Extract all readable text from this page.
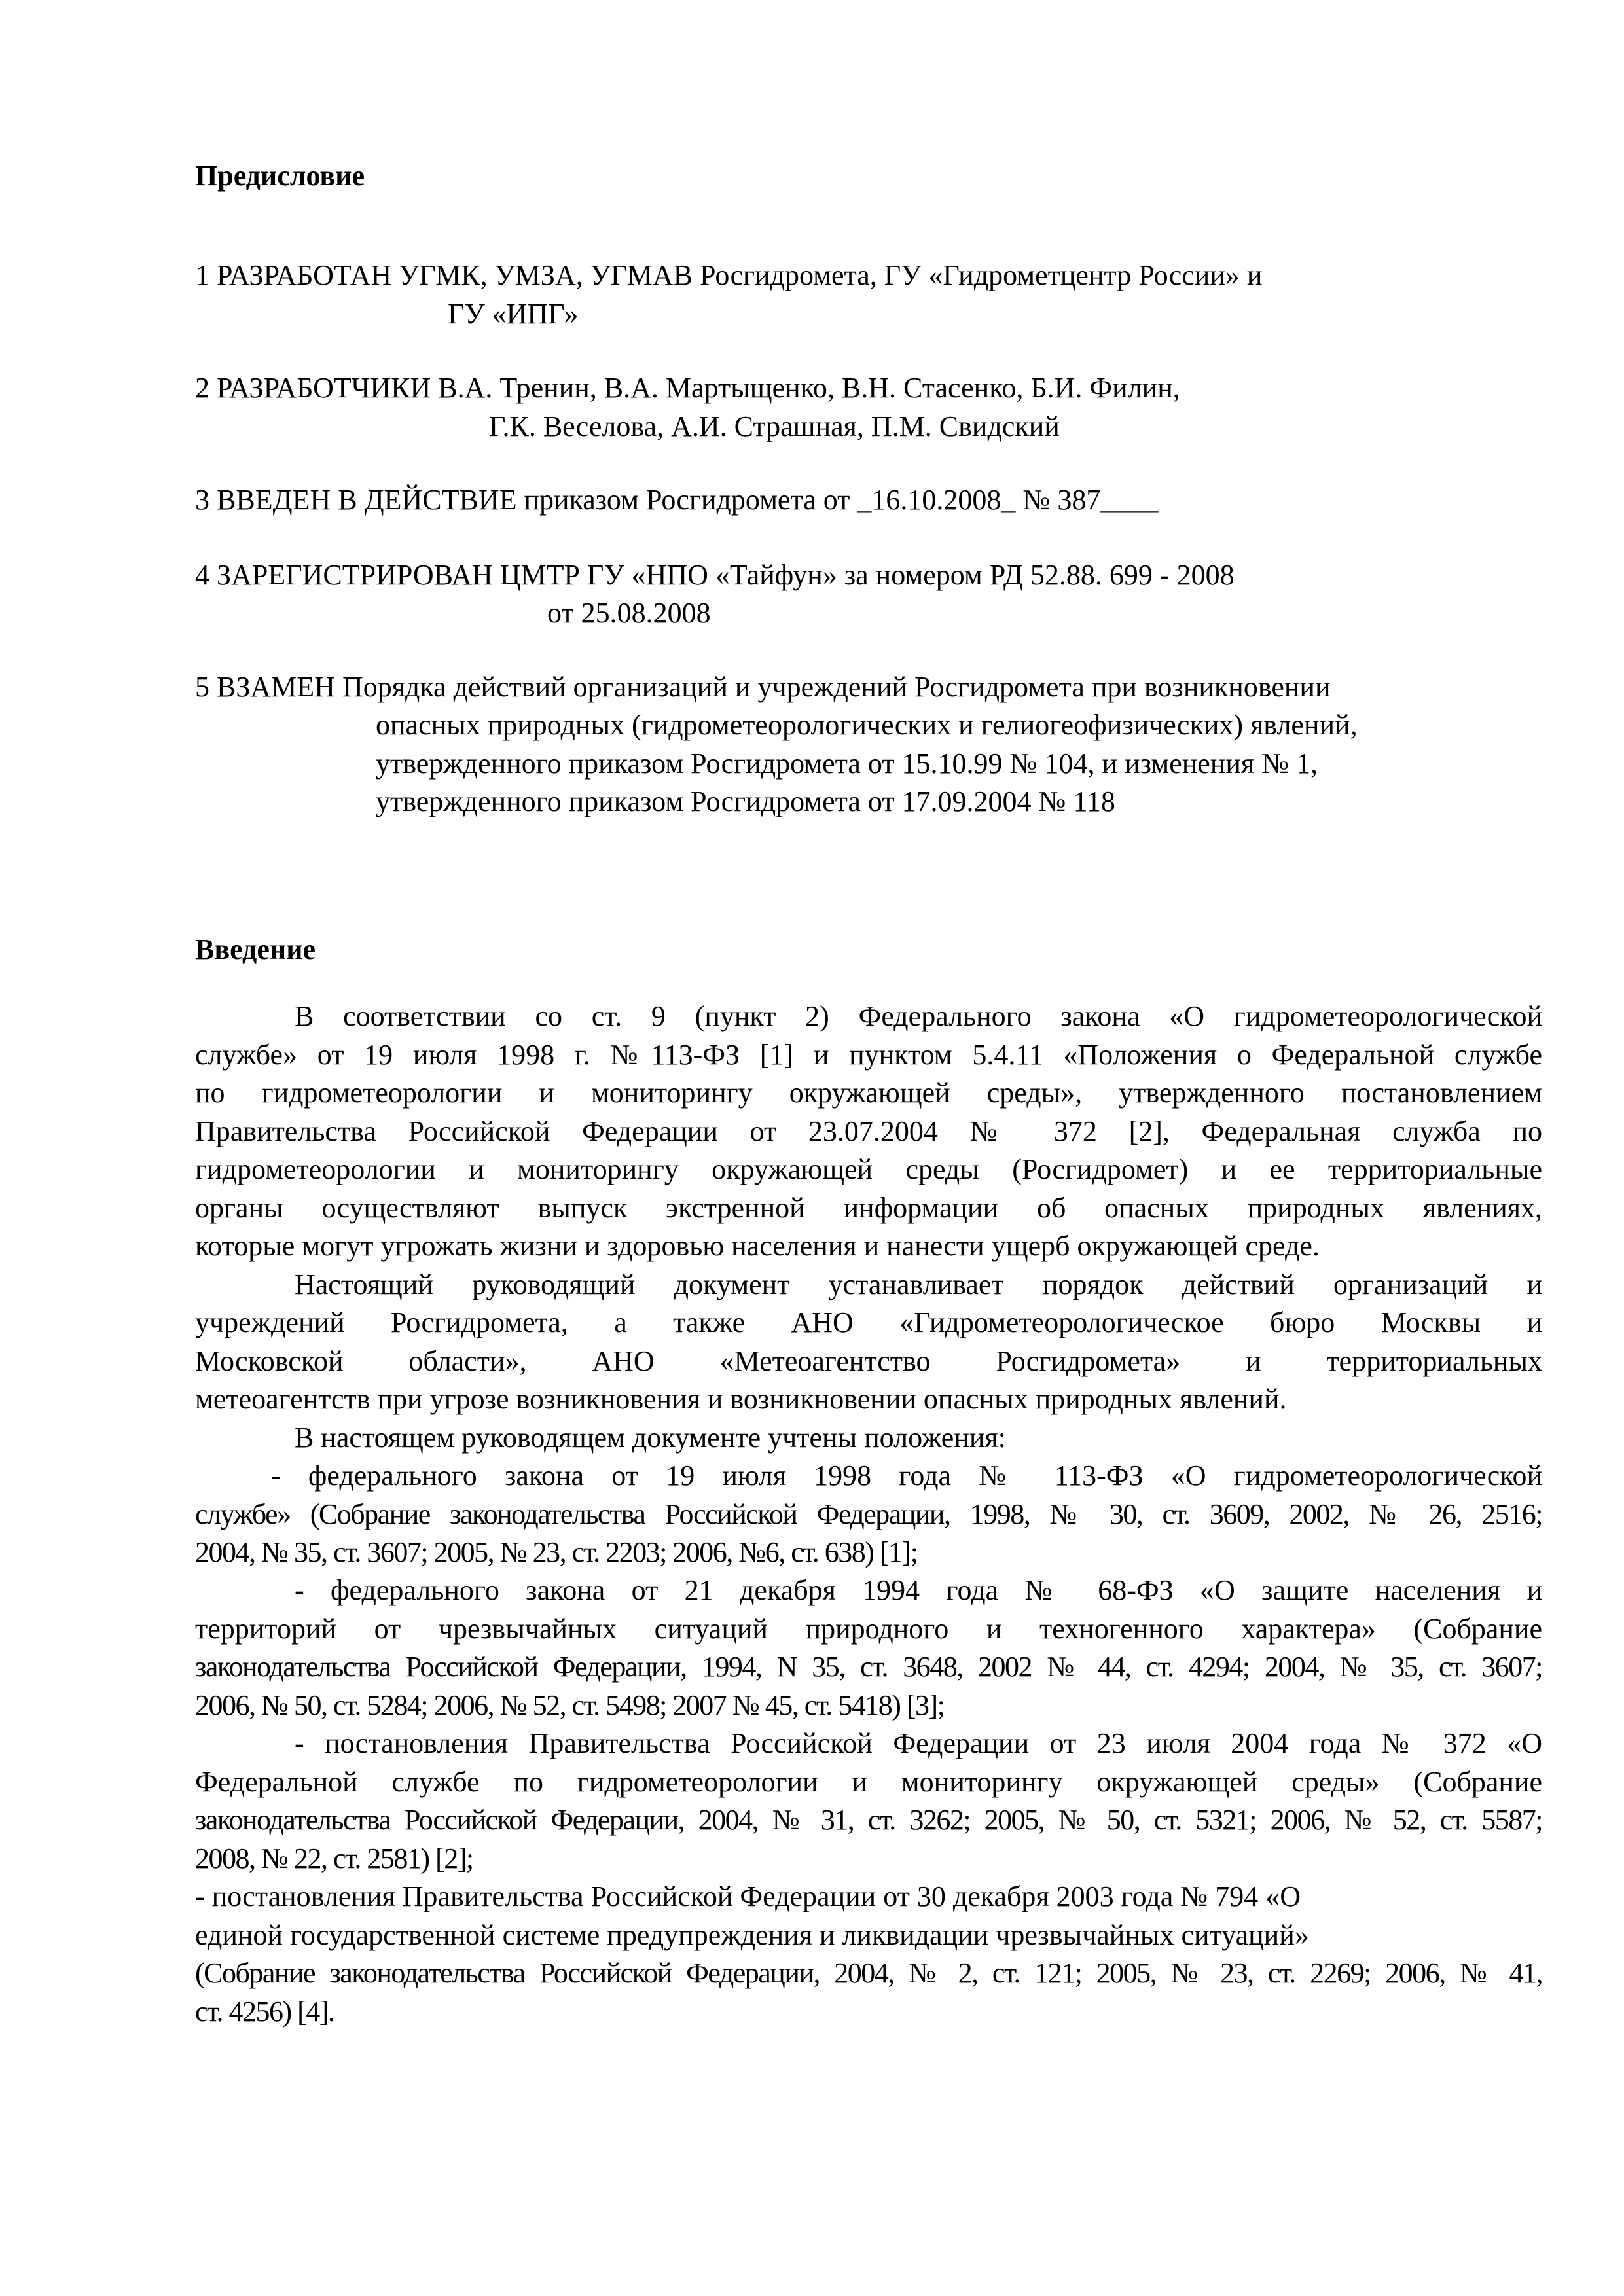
Предисловие
1 РАЗРАБОТАН УГМК, УМЗА, УГМАВ Росгидромета, ГУ «Гидрометцентр России» и
ГУ «ИПГ»
2 РАЗРАБОТЧИКИ В.А. Тренин, В.А. Мартыщенко, В.Н. Стасенко, Б.И. Филин,
Г.К. Веселова, А.И. Страшная, П.М. Свидский
3 ВВЕДЕН В ДЕЙСТВИЕ приказом Росгидромета от _16.10.2008_ № 387____
4 ЗАРЕГИСТРИРОВАН ЦМТР ГУ «НПО «Тайфун» за номером РД 52.88. 699 - 2008
от 25.08.2008
5 ВЗАМЕН Порядка действий организаций и учреждений Росгидромета при возникновении
опасных природных (гидрометеорологических и гелиогеофизических) явлений,
утвержденного приказом Росгидромета от 15.10.99 № 104, и изменения № 1,
утвержденного приказом Росгидромета от 17.09.2004 № 118
Введение
В соответствии со ст. 9 (пункт 2) Федерального закона «О гидрометеорологической
службе» от 19 июля 1998 г. №113-ФЗ [1] и пунктом 5.4.11 «Положения о Федеральной службе
по гидрометеорологии и мониторингу окружающей среды», утвержденного постановлением
Правительства Российской Федерации от 23.07.2004 № 372 [2], Федеральная служба по
гидрометеорологии и мониторингу окружающей среды (Росгидромет) и ее территориальные
органы осуществляют выпуск экстренной информации об опасных природных явлениях,
которые могут угрожать жизни и здоровью населения и нанести ущерб окружающей среде.
Настоящий руководящий документ устанавливает порядок действий организаций и
учреждений Росгидромета, а также АНО «Гидрометеорологическое бюро Москвы и
Московской области», АНО «Метеоагентство Росгидромета» и территориальных
метеоагентств при угрозе возникновения и возникновении опасных природных явлений.
В настоящем руководящем документе учтены положения:
- федерального закона от 19 июля 1998 года № 113-ФЗ «О гидрометеорологической
службе» (Собрание законодательства Российской Федерации, 1998, № 30, ст. 3609, 2002, № 26, 2516;
2004, № 35, ст. 3607; 2005, № 23, ст. 2203; 2006, №6, ст. 638) [1];
- федерального закона от 21 декабря 1994 года № 68-ФЗ «О защите населения и
территорий от чрезвычайных ситуаций природного и техногенного характера» (Собрание
законодательства Российской Федерации, 1994, N 35, ст. 3648, 2002 № 44, ст. 4294; 2004, № 35, ст. 3607;
2006, № 50, ст. 5284; 2006, № 52, ст. 5498; 2007 № 45, ст. 5418) [3];
- постановления Правительства Российской Федерации от 23 июля 2004 года № 372 «О
Федеральной службе по гидрометеорологии и мониторингу окружающей среды» (Собрание
законодательства Российской Федерации, 2004, № 31, ст. 3262; 2005, № 50, ст. 5321; 2006, № 52, ст. 5587;
2008, № 22, ст. 2581) [2];
- постановления Правительства Российской Федерации от 30 декабря 2003 года № 794 «О
единой государственной системе предупреждения и ликвидации чрезвычайных ситуаций»
(Собрание законодательства Российской Федерации, 2004, № 2, ст. 121; 2005, № 23, ст. 2269; 2006, № 41,
ст. 4256) [4].
